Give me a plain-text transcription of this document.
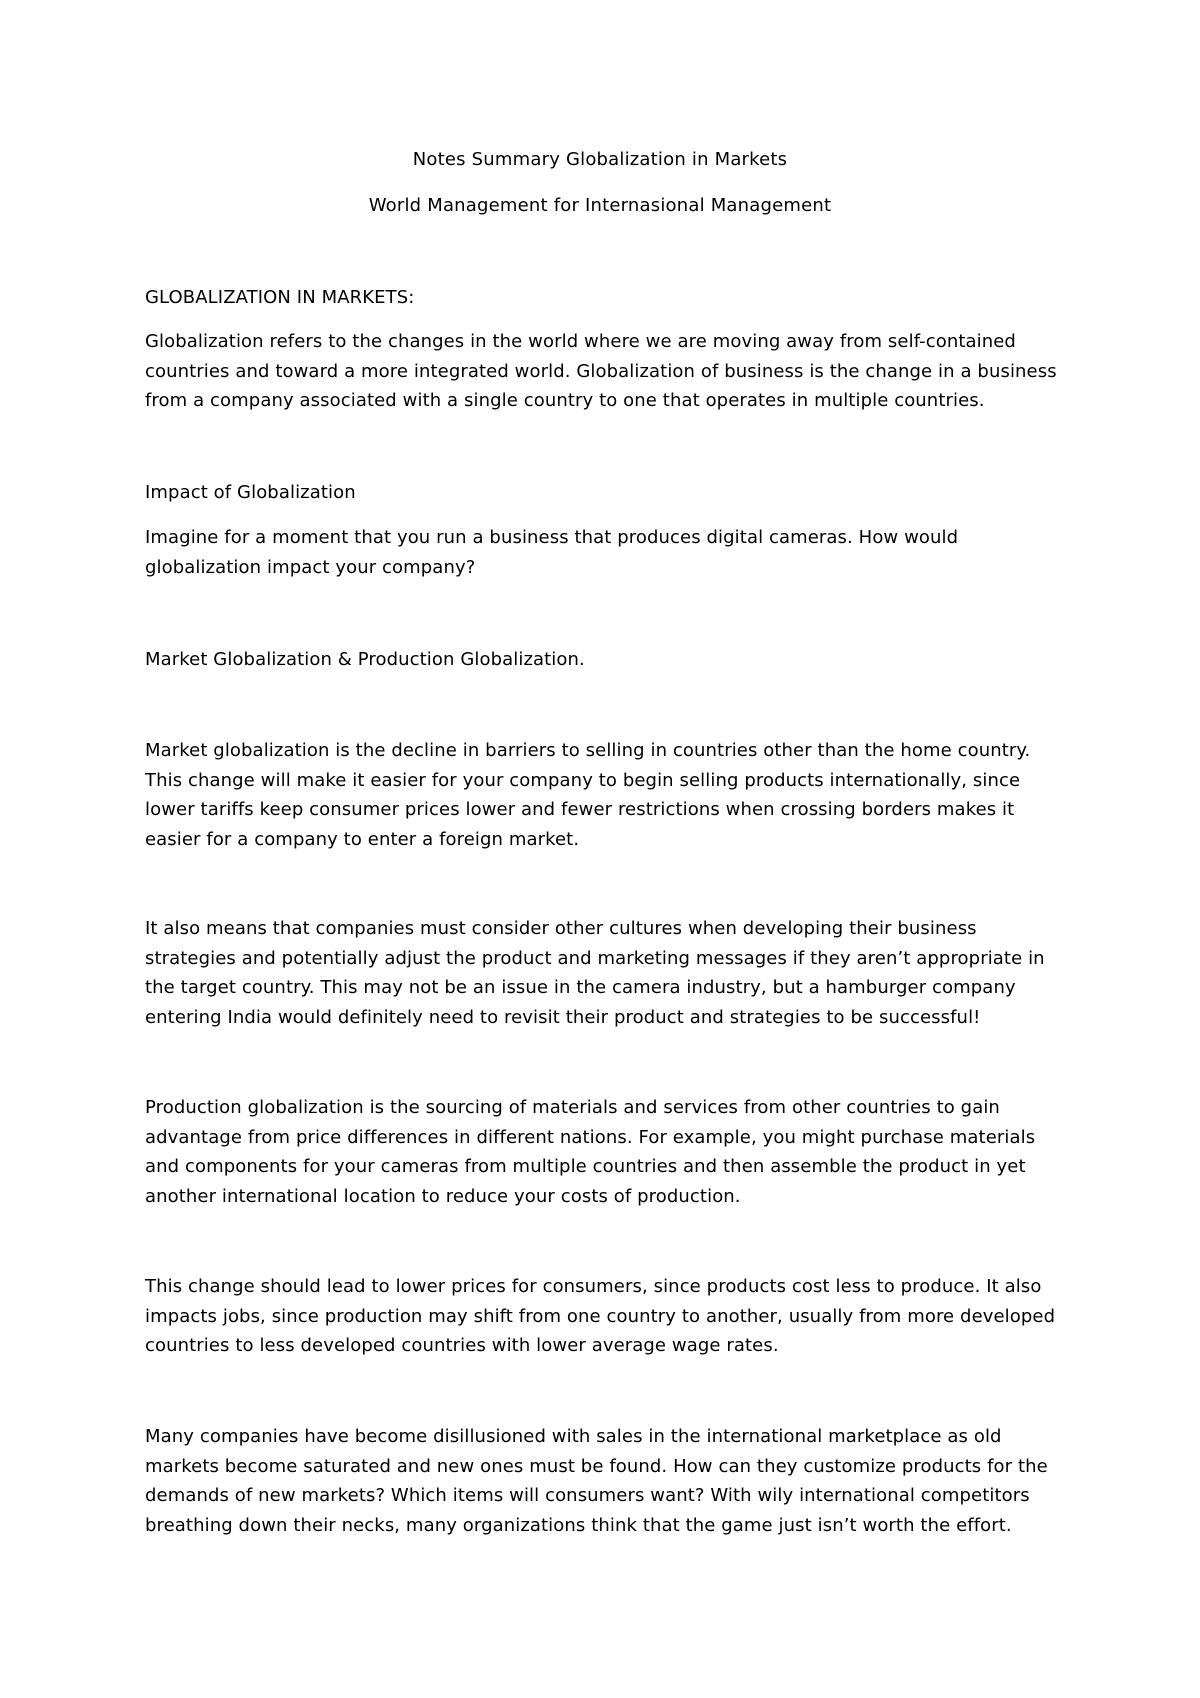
Notes Summary Globalization in Markets
World Management for Internasional Management
GLOBALIZATION IN MARKETS:

Globalization refers to the changes in the world where we are moving away from self-contained countries and toward a more integrated world. Globalization of business is the change in a business from a company associated with a single country to one that operates in multiple countries.

Impact of Globalization

Imagine for a moment that you run a business that produces digital cameras. How would globalization impact your company?

Market Globalization & Production Globalization.

Market globalization is the decline in barriers to selling in countries other than the home country. This change will make it easier for your company to begin selling products internationally, since lower tariffs keep consumer prices lower and fewer restrictions when crossing borders makes it easier for a company to enter a foreign market.

It also means that companies must consider other cultures when developing their business strategies and potentially adjust the product and marketing messages if they aren’t appropriate in the target country. This may not be an issue in the camera industry, but a hamburger company entering India would definitely need to revisit their product and strategies to be successful!

Production globalization is the sourcing of materials and services from other countries to gain advantage from price differences in different nations. For example, you might purchase materials and components for your cameras from multiple countries and then assemble the product in yet another international location to reduce your costs of production.

This change should lead to lower prices for consumers, since products cost less to produce. It also impacts jobs, since production may shift from one country to another, usually from more developed countries to less developed countries with lower average wage rates.

Many companies have become disillusioned with sales in the international marketplace as old markets become saturated and new ones must be found. How can they customize products for the demands of new markets? Which items will consumers want? With wily international competitors breathing down their necks, many organizations think that the game just isn’t worth the effort.
